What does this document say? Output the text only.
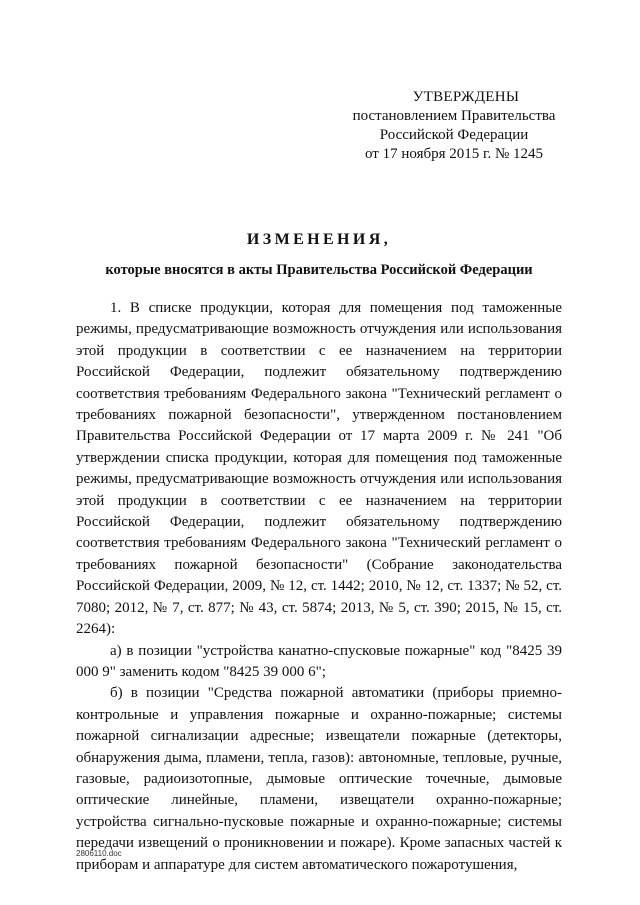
УТВЕРЖДЕНЫ
постановлением Правительства
Российской Федерации
от 17 ноября 2015 г. № 1245
ИЗМЕНЕНИЯ,
которые вносятся в акты Правительства Российской Федерации

1. В списке продукции, которая для помещения под таможенные режимы, предусматривающие возможность отчуждения или использования этой продукции в соответствии с ее назначением на территории Российской Федерации, подлежит обязательному подтверждению соответствия требованиям Федерального закона "Технический регламент о требованиях пожарной безопасности", утвержденном постановлением Правительства Российской Федерации от 17 марта 2009 г. № 241 "Об утверждении списка продукции, которая для помещения под таможенные режимы, предусматривающие возможность отчуждения или использования этой продукции в соответствии с ее назначением на территории Российской Федерации, подлежит обязательному подтверждению соответствия требованиям Федерального закона "Технический регламент о требованиях пожарной безопасности" (Собрание законодательства Российской Федерации, 2009, № 12, ст. 1442; 2010, № 12, ст. 1337; № 52, ст. 7080; 2012, № 7, ст. 877; № 43, ст. 5874; 2013, № 5, ст. 390; 2015, № 15, ст. 2264):

а) в позиции "устройства канатно-спусковые пожарные" код "8425 39 000 9" заменить кодом "8425 39 000 6";

б) в позиции "Средства пожарной автоматики (приборы приемно-контрольные и управления пожарные и охранно-пожарные; системы пожарной сигнализации адресные; извещатели пожарные (детекторы, обнаружения дыма, пламени, тепла, газов): автономные, тепловые, ручные, газовые, радиоизотопные, дымовые оптические точечные, дымовые оптические линейные, пламени, извещатели охранно-пожарные; устройства сигнально-пусковые пожарные и охранно-пожарные; системы передачи извещений о проникновении и пожаре). Кроме запасных частей к приборам и аппаратуре для систем автоматического пожаротушения,

2806110.doc
